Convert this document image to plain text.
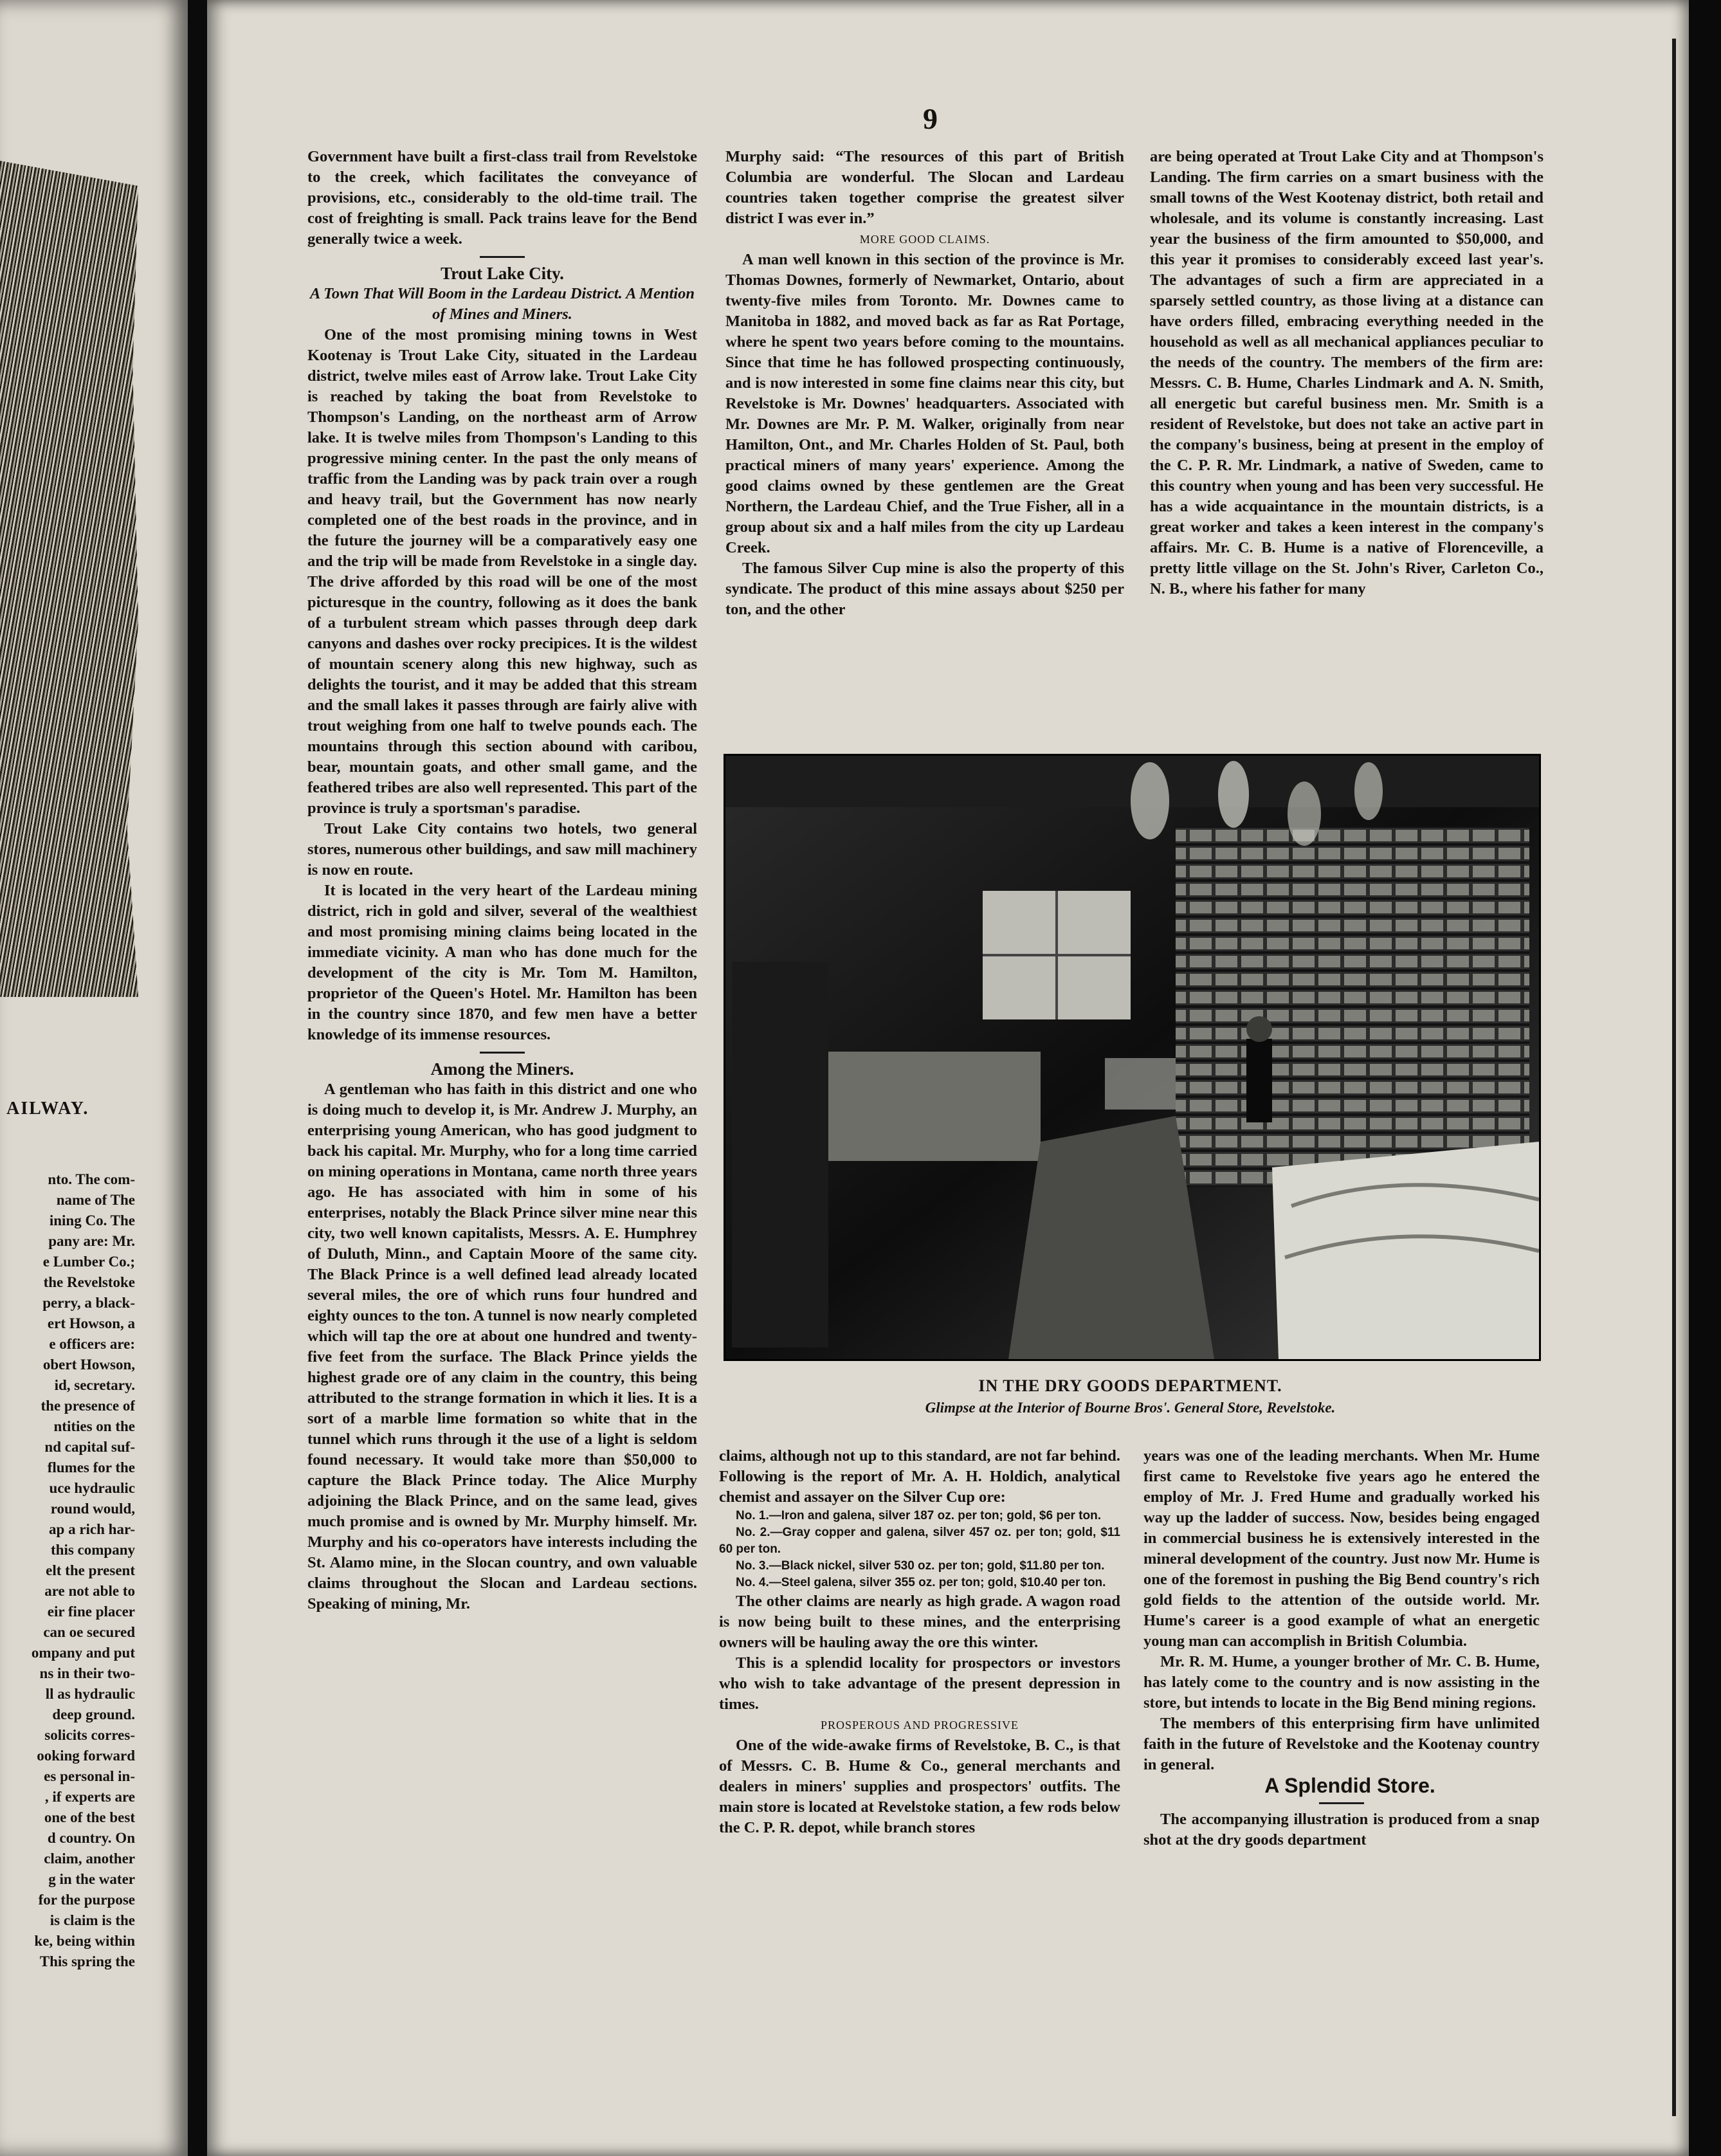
AILWAY.
nto. The com-
name of The
ining Co. The
pany are: Mr.
e Lumber Co.;
the Revelstoke
perry, a black-
ert Howson, a
e officers are:
obert Howson,
id, secretary.
the presence of
ntities on the
nd capital suf-
flumes for the
uce hydraulic
round would,
ap a rich har-
this company
elt the present
are not able to
eir fine placer
can oe secured
ompany and put
ns in their two-
ll as hydraulic
deep ground.
solicits corres-
ooking forward
es personal in-
, if experts are
one of the best
d country. On
claim, another
g in the water
for the purpose
is claim is the
ke, being within
This spring the
9

Government have built a first-class trail from Revelstoke to the creek, which facilitates the conveyance of provisions, etc., considerably to the old-time trail. The cost of freighting is small. Pack trains leave for the Bend generally twice a week.

Trout Lake City.

A Town That Will Boom in the Lardeau District. A Mention of Mines and Miners.

One of the most promising mining towns in West Kootenay is Trout Lake City, situated in the Lardeau district, twelve miles east of Arrow lake. Trout Lake City is reached by taking the boat from Revelstoke to Thompson's Landing, on the northeast arm of Arrow lake. It is twelve miles from Thompson's Landing to this progressive mining center. In the past the only means of traffic from the Landing was by pack train over a rough and heavy trail, but the Government has now nearly completed one of the best roads in the province, and in the future the journey will be a comparatively easy one and the trip will be made from Revelstoke in a single day. The drive afforded by this road will be one of the most picturesque in the country, following as it does the bank of a turbulent stream which passes through deep dark canyons and dashes over rocky precipices. It is the wildest of mountain scenery along this new highway, such as delights the tourist, and it may be added that this stream and the small lakes it passes through are fairly alive with trout weighing from one half to twelve pounds each. The mountains through this section abound with caribou, bear, mountain goats, and other small game, and the feathered tribes are also well represented. This part of the province is truly a sportsman's paradise.

Trout Lake City contains two hotels, two general stores, numerous other buildings, and saw mill machinery is now en route.

It is located in the very heart of the Lardeau mining district, rich in gold and silver, several of the wealthiest and most promising mining claims being located in the immediate vicinity. A man who has done much for the development of the city is Mr. Tom M. Hamilton, proprietor of the Queen's Hotel. Mr. Hamilton has been in the country since 1870, and few men have a better knowledge of its immense resources.

Among the Miners.

A gentleman who has faith in this district and one who is doing much to develop it, is Mr. Andrew J. Murphy, an enterprising young American, who has good judgment to back his capital. Mr. Murphy, who for a long time carried on mining operations in Montana, came north three years ago. He has associated with him in some of his enterprises, notably the Black Prince silver mine near this city, two well known capitalists, Messrs. A. E. Humphrey of Duluth, Minn., and Captain Moore of the same city. The Black Prince is a well defined lead already located several miles, the ore of which runs four hundred and eighty ounces to the ton. A tunnel is now nearly completed which will tap the ore at about one hundred and twenty-five feet from the surface. The Black Prince yields the highest grade ore of any claim in the country, this being attributed to the strange formation in which it lies. It is a sort of a marble lime formation so white that in the tunnel which runs through it the use of a light is seldom found necessary. It would take more than $50,000 to capture the Black Prince today. The Alice Murphy adjoining the Black Prince, and on the same lead, gives much promise and is owned by Mr. Murphy himself. Mr. Murphy and his co-operators have interests including the St. Alamo mine, in the Slocan country, and own valuable claims throughout the Slocan and Lardeau sections. Speaking of mining, Mr.

Murphy said: “The resources of this part of British Columbia are wonderful. The Slocan and Lardeau countries taken together comprise the greatest silver district I was ever in.”

MORE GOOD CLAIMS.

A man well known in this section of the province is Mr. Thomas Downes, formerly of Newmarket, Ontario, about twenty-five miles from Toronto. Mr. Downes came to Manitoba in 1882, and moved back as far as Rat Portage, where he spent two years before coming to the mountains. Since that time he has followed prospecting continuously, and is now interested in some fine claims near this city, but Revelstoke is Mr. Downes' headquarters. Associated with Mr. Downes are Mr. P. M. Walker, originally from near Hamilton, Ont., and Mr. Charles Holden of St. Paul, both practical miners of many years' experience. Among the good claims owned by these gentlemen are the Great Northern, the Lardeau Chief, and the True Fisher, all in a group about six and a half miles from the city up Lardeau Creek.

The famous Silver Cup mine is also the property of this syndicate. The product of this mine assays about $250 per ton, and the other

are being operated at Trout Lake City and at Thompson's Landing. The firm carries on a smart business with the small towns of the West Kootenay district, both retail and wholesale, and its volume is constantly increasing. Last year the business of the firm amounted to $50,000, and this year it promises to considerably exceed last year's. The advantages of such a firm are appreciated in a sparsely settled country, as those living at a distance can have orders filled, embracing everything needed in the household as well as all mechanical appliances peculiar to the needs of the country. The members of the firm are: Messrs. C. B. Hume, Charles Lindmark and A. N. Smith, all energetic but careful business men. Mr. Smith is a resident of Revelstoke, but does not take an active part in the company's business, being at present in the employ of the C. P. R. Mr. Lindmark, a native of Sweden, came to this country when young and has been very successful. He has a wide acquaintance in the mountain districts, is a great worker and takes a keen interest in the company's affairs. Mr. C. B. Hume is a native of Florenceville, a pretty little village on the St. John's River, Carleton Co., N. B., where his father for many

IN THE DRY GOODS DEPARTMENT.
Glimpse at the Interior of Bourne Bros'. General Store, Revelstoke.

claims, although not up to this standard, are not far behind. Following is the report of Mr. A. H. Holdich, analytical chemist and assayer on the Silver Cup ore:

No. 1.—Iron and galena, silver 187 oz. per ton; gold, $6 per ton.

No. 2.—Gray copper and galena, silver 457 oz. per ton; gold, $11 60 per ton.

No. 3.—Black nickel, silver 530 oz. per ton; gold, $11.80 per ton.

No. 4.—Steel galena, silver 355 oz. per ton; gold, $10.40 per ton.

The other claims are nearly as high grade. A wagon road is now being built to these mines, and the enterprising owners will be hauling away the ore this winter.

This is a splendid locality for prospectors or investors who wish to take advantage of the present depression in times.

PROSPEROUS AND PROGRESSIVE

One of the wide-awake firms of Revelstoke, B. C., is that of Messrs. C. B. Hume & Co., general merchants and dealers in miners' supplies and prospectors' outfits. The main store is located at Revelstoke station, a few rods below the C. P. R. depot, while branch stores

years was one of the leading merchants. When Mr. Hume first came to Revelstoke five years ago he entered the employ of Mr. J. Fred Hume and gradually worked his way up the ladder of success. Now, besides being engaged in commercial business he is extensively interested in the mineral development of the country. Just now Mr. Hume is one of the foremost in pushing the Big Bend country's rich gold fields to the attention of the outside world. Mr. Hume's career is a good example of what an energetic young man can accomplish in British Columbia.

Mr. R. M. Hume, a younger brother of Mr. C. B. Hume, has lately come to the country and is now assisting in the store, but intends to locate in the Big Bend mining regions.

The members of this enterprising firm have unlimited faith in the future of Revelstoke and the Kootenay country in general.

A Splendid Store.

The accompanying illustration is produced from a snap shot at the dry goods department
